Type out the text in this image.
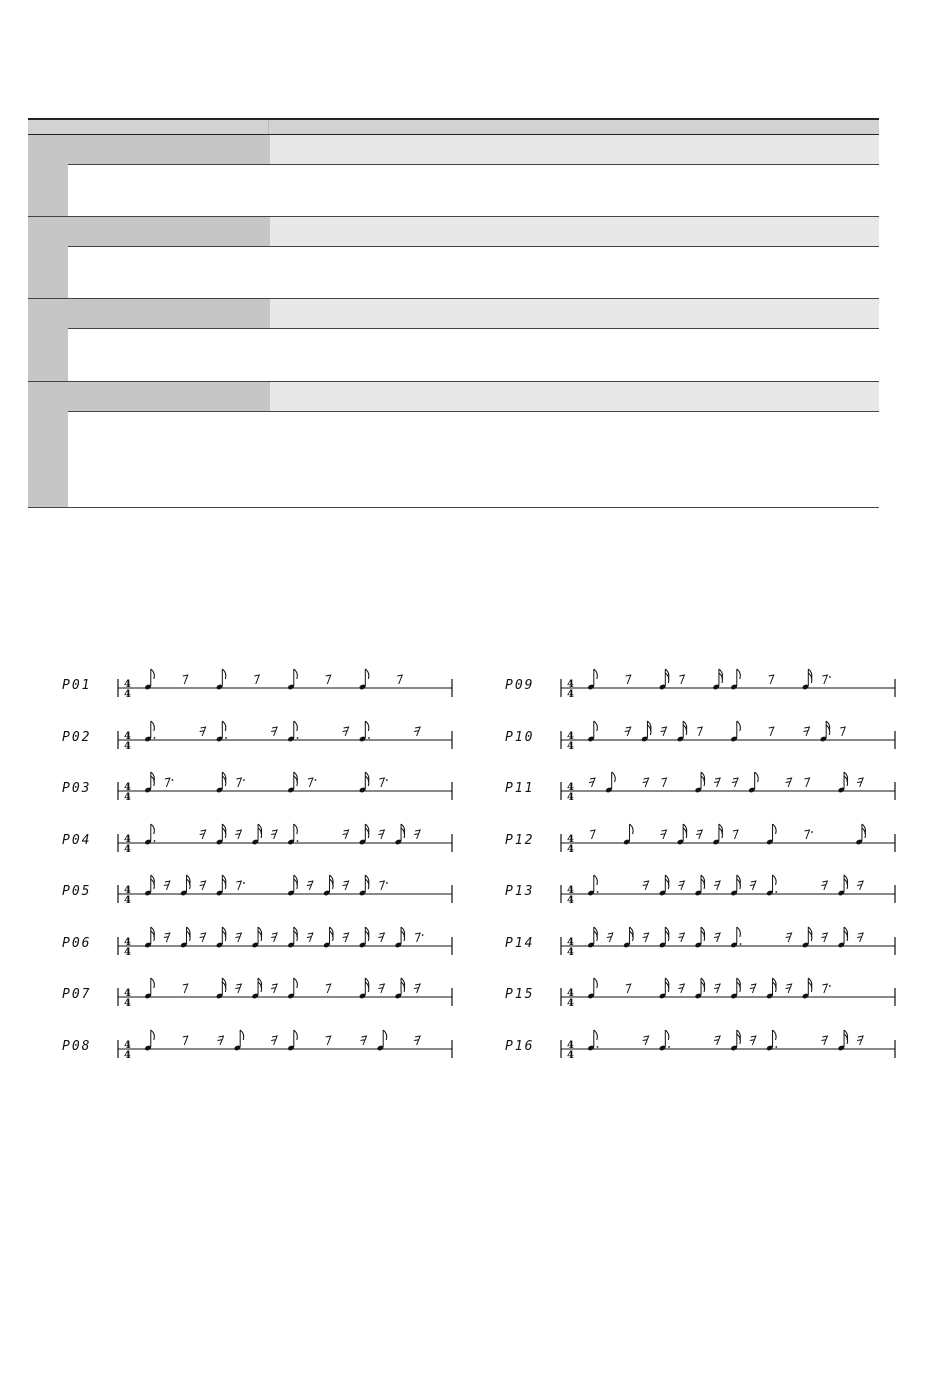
P01	4
4
P02	4
4
P03	4
4
P04	4
4
P05	4
4
P06	4
4
P07	4
4
P08	4
4
P09	4
4
P10	4
4
P11	4
4
P12	4
4
P13	4
4
P14	4
4
P15	4
4
P16	4
4
